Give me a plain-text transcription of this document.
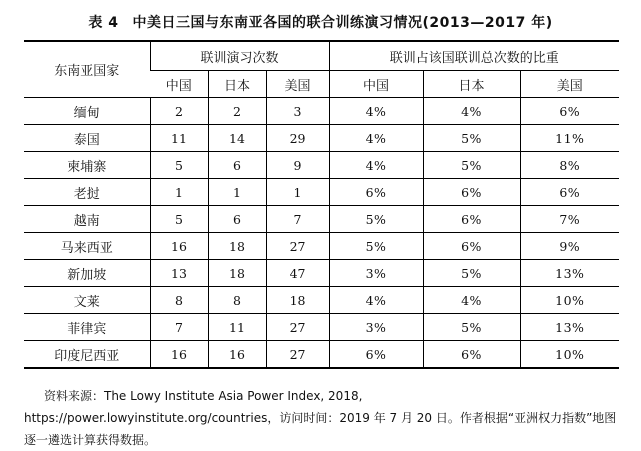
表 4 中美日三国与东南亚各国的联合训练演习情况(2013—2017 年)
东南亚国家	联训演习次数			联训占该国联训总次数的比重		
	中国	日本	美国	中国	日本	美国
缅甸	2	2	3	4%	4%	6%
泰国	11	14	29	4%	5%	11%
柬埔寨	5	6	9	4%	5%	8%
老挝	1	1	1	6%	6%	6%
越南	5	6	7	5%	6%	7%
马来西亚	16	18	27	5%	6%	9%
新加坡	13	18	47	3%	5%	13%
文莱	8	8	18	4%	4%	10%
菲律宾	7	11	27	3%	5%	13%
印度尼西亚	16	16	27	6%	6%	10%
资料来源：The Lowy Institute Asia Power Index, 2018, https://power.lowyinstitute.org/countries，访问时间：2019 年 7 月 20 日。作者根据“亚洲权力指数”地图逐一遴选计算获得数据。
